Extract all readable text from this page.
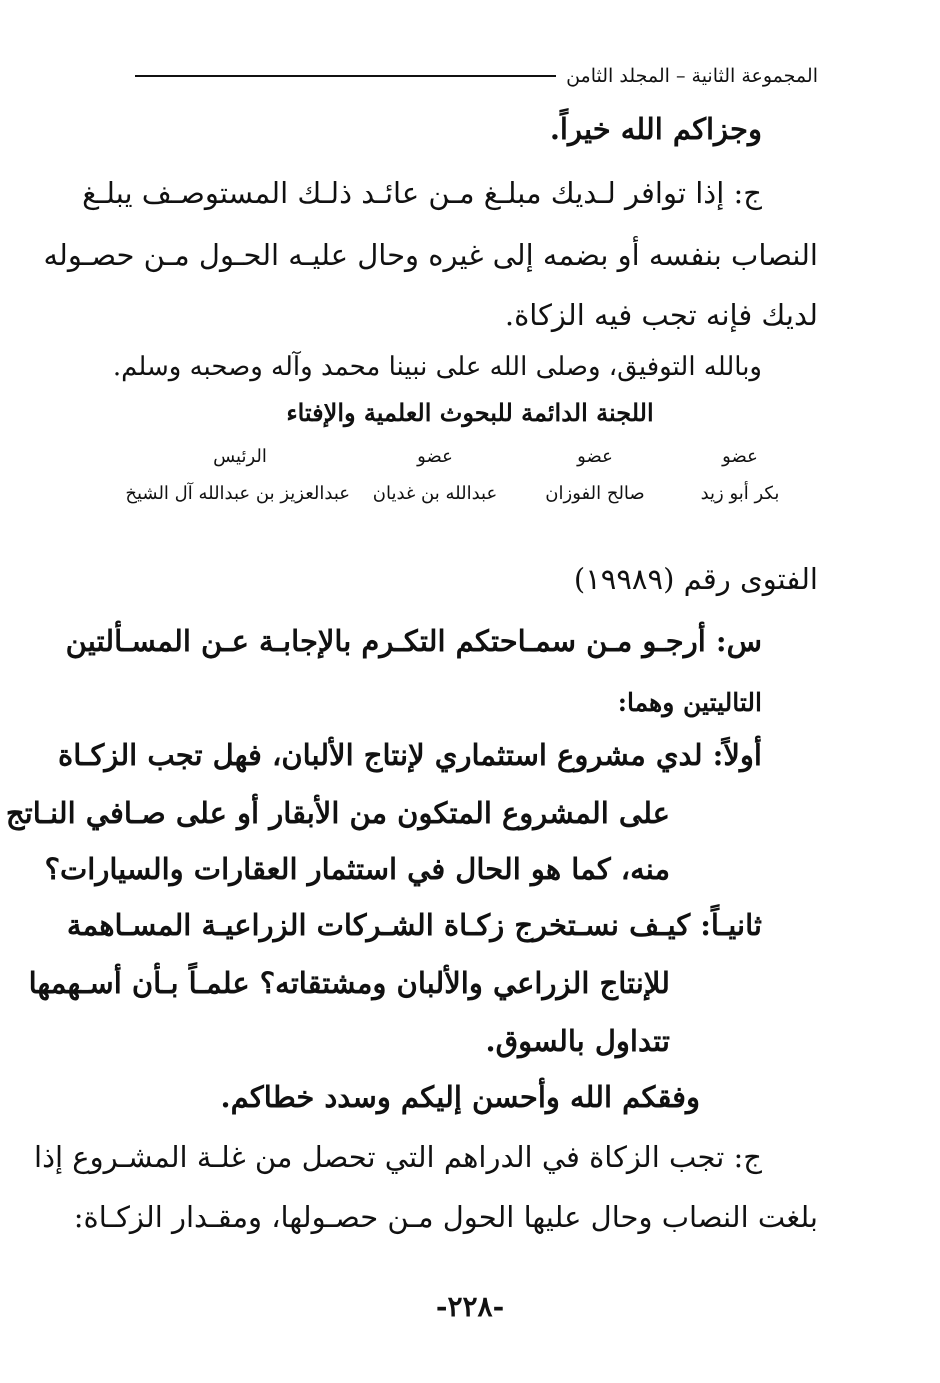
المجموعة الثانية – المجلد الثامن
وجزاكم الله خيراً.
ج: إذا توافر لـديك مبلـغ مـن عائـد ذلـك المستوصـف يبلـغ
النصاب بنفسه أو بضمه إلى غيره وحال عليـه الحـول مـن حصـوله
لديك فإنه تجب فيه الزكاة.
وبالله التوفيق، وصلى الله على نبينا محمد وآله وصحبه وسلم.
اللجنة الدائمة للبحوث العلمية والإفتاء
عضو
بكر أبو زيد
عضو
صالح الفوزان
عضو
عبدالله بن غديان
الرئيس
عبدالعزيز بن عبدالله آل الشيخ
الفتوى رقم (١٩٩٨٩)
س: أرجـو مـن سمـاحتكم التكـرم بالإجابـة عـن المسـألتين
التاليتين وهما:
أولاً: لدي مشروع استثماري لإنتاج الألبان، فهل تجب الزكـاة
على المشروع المتكون من الأبقار أو على صـافي النـاتج
منه، كما هو الحال في استثمار العقارات والسيارات؟
ثانيـاً: كيـف نسـتخرج زكـاة الشـركات الزراعيـة المسـاهمة
للإنتاج الزراعي والألبان ومشتقاته؟ علمـاً بـأن أسـهمها
تتداول بالسوق.
وفقكم الله وأحسن إليكم وسدد خطاكم.
ج: تجب الزكاة في الدراهم التي تحصل من غلـة المشـروع إذا
بلغت النصاب وحال عليها الحول مـن حصـولها، ومقـدار الزكـاة:
-٢٢٨-
